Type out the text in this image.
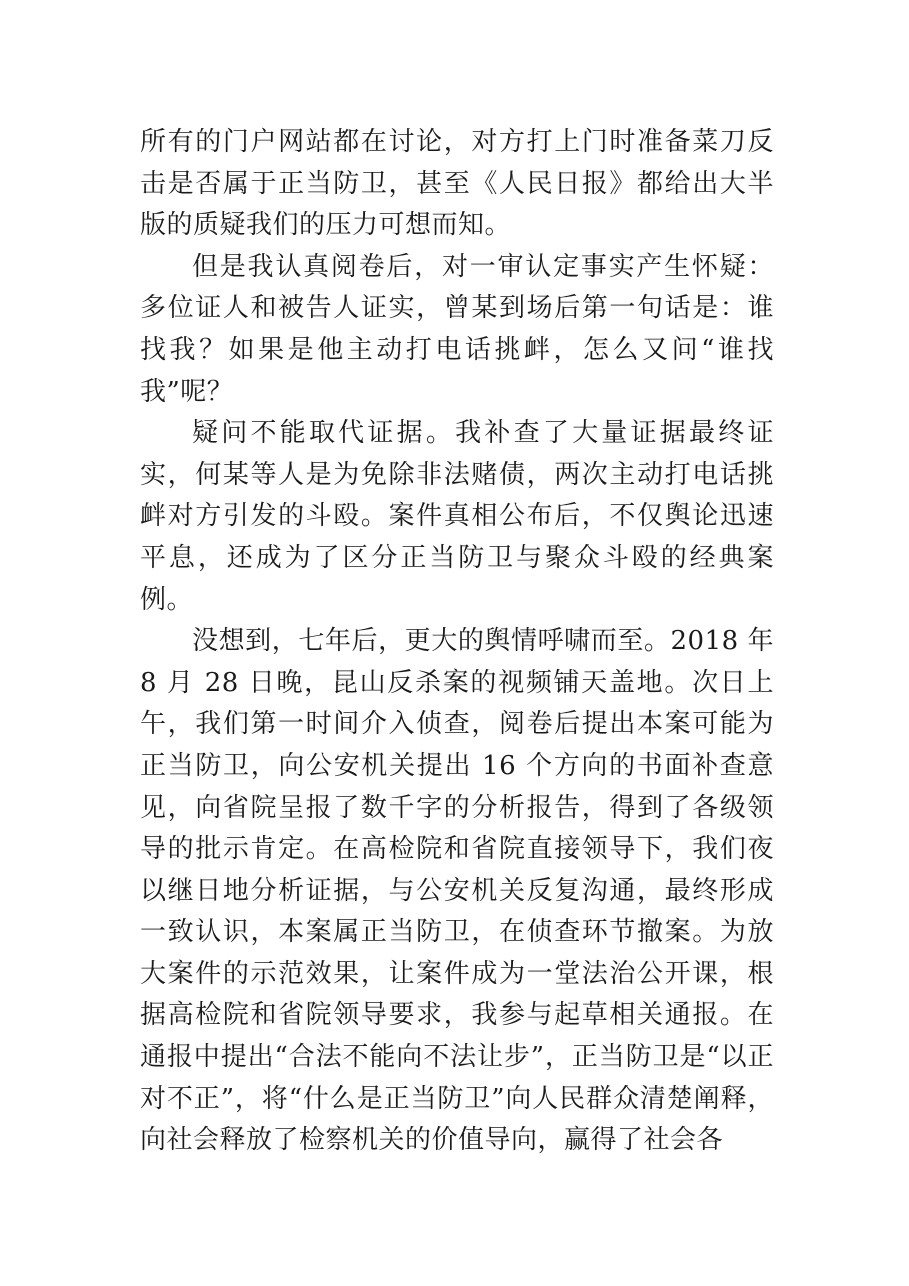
所有的门户网站都在讨论，对方打上门时准备菜刀反击是否属于正当防卫，甚至《人民日报》都给出大半版的质疑我们的压力可想而知。

但是我认真阅卷后，对一审认定事实产生怀疑：多位证人和被告人证实，曾某到场后第一句话是：谁找我？如果是他主动打电话挑衅，怎么又问“谁找我”呢？

疑问不能取代证据。我补查了大量证据最终证实，何某等人是为免除非法赌债，两次主动打电话挑衅对方引发的斗殴。案件真相公布后，不仅舆论迅速平息，还成为了区分正当防卫与聚众斗殴的经典案例。

没想到，七年后，更大的舆情呼啸而至。2018 年 8 月 28 日晚，昆山反杀案的视频铺天盖地。次日上午，我们第一时间介入侦查，阅卷后提出本案可能为正当防卫，向公安机关提出 16 个方向的书面补查意见，向省院呈报了数千字的分析报告，得到了各级领导的批示肯定。在高检院和省院直接领导下，我们夜以继日地分析证据，与公安机关反复沟通，最终形成一致认识，本案属正当防卫，在侦查环节撤案。为放大案件的示范效果，让案件成为一堂法治公开课，根据高检院和省院领导要求，我参与起草相关通报。在通报中提出“合法不能向不法让步”，正当防卫是“以正对不正”，将“什么是正当防卫”向人民群众清楚阐释，向社会释放了检察机关的价值导向，赢得了社会各
